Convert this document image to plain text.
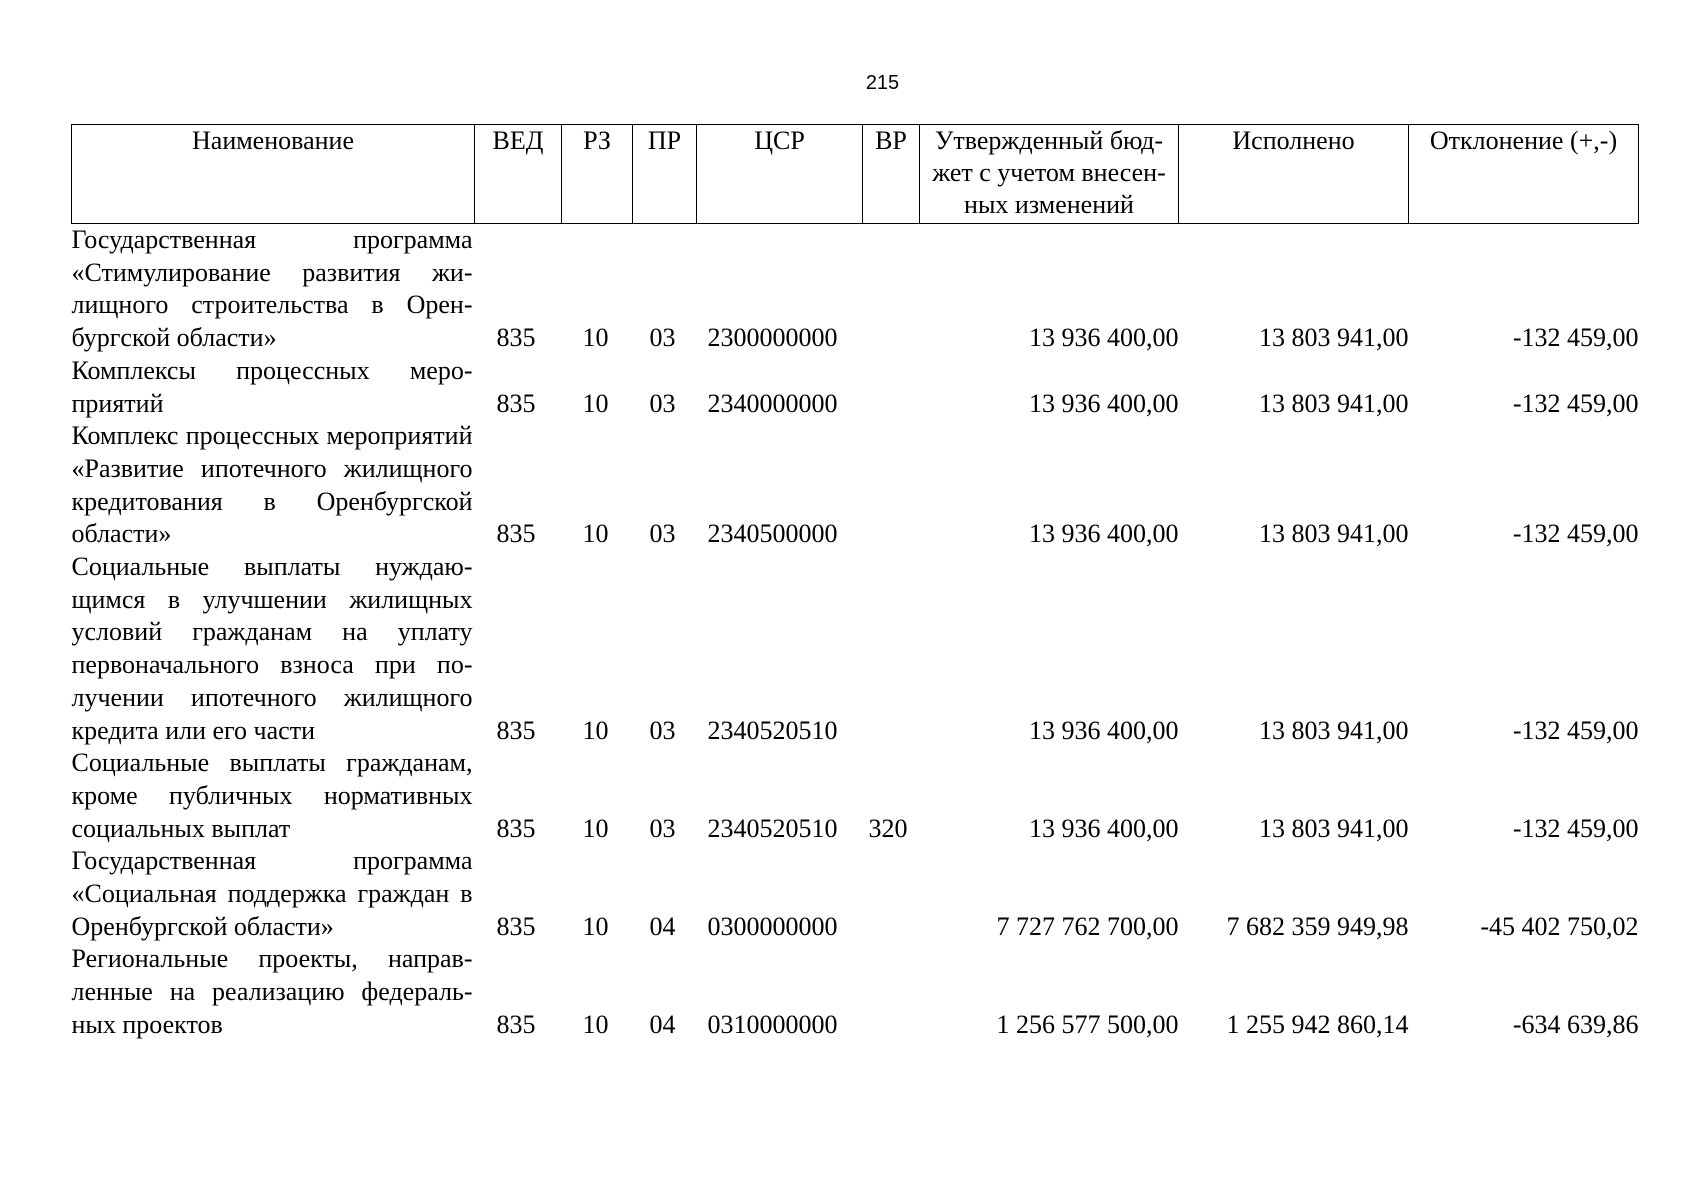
215
Наименование	ВЕД	РЗ	ПР	ЦСР	ВР	Утвержденный бюд-жет с учетом внесен-ных изменений	Исполнено	Отклонение (+,-)
Государственная программа «Стимулирование развития жилищного строительства в Оренбургской области»	835	10	03	2300000000		13 936 400,00	13 803 941,00	-132 459,00
Комплексы процессных мероприятий	835	10	03	2340000000		13 936 400,00	13 803 941,00	-132 459,00
Комплекс процессных мероприятий «Развитие ипотечного жилищного кредитования в Оренбургской области»	835	10	03	2340500000		13 936 400,00	13 803 941,00	-132 459,00
Социальные выплаты нуждающимся в улучшении жилищных условий гражданам на уплату первоначального взноса при получении ипотечного жилищного кредита или его части	835	10	03	2340520510		13 936 400,00	13 803 941,00	-132 459,00
Социальные выплаты гражданам, кроме публичных нормативных социальных выплат	835	10	03	2340520510	320	13 936 400,00	13 803 941,00	-132 459,00
Государственная программа «Социальная поддержка граждан в Оренбургской области»	835	10	04	0300000000		7 727 762 700,00	7 682 359 949,98	-45 402 750,02
Региональные проекты, направленные на реализацию федеральных проектов	835	10	04	0310000000		1 256 577 500,00	1 255 942 860,14	-634 639,86
